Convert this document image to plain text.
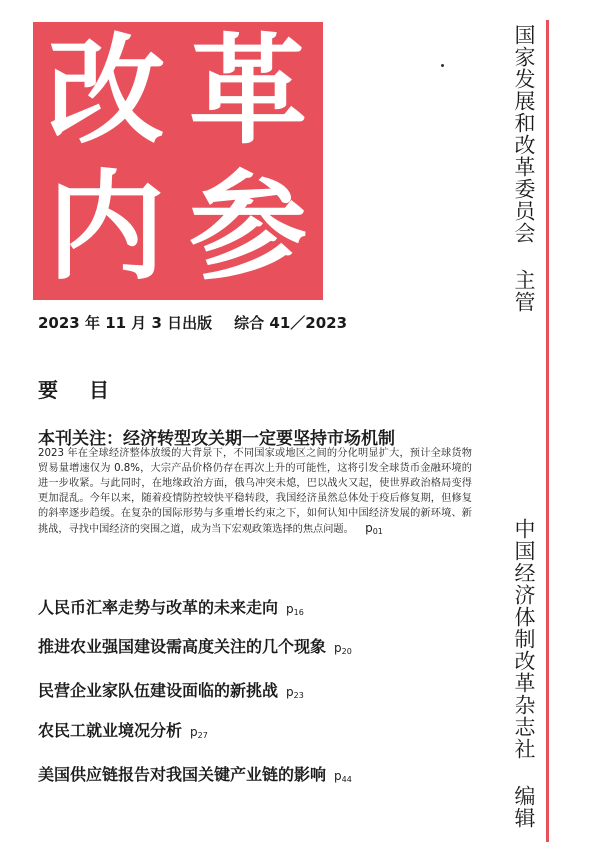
改 革
内 参	国家发展和改革委员会 主管
中国经济体制改革杂志社 编辑
2023 年 11 月 3 日出版 综合 41／2023
要 目
本刊关注：经济转型攻关期一定要坚持市场机制
2023 年在全球经济整体放缓的大背景下，不同国家或地区之间的分化明显扩大，预计全球货物贸易量增速仅为 0.8%，大宗产品价格仍存在再次上升的可能性，这将引发全球货币金融环境的进一步收紧。与此同时，在地缘政治方面，俄乌冲突未熄，巴以战火又起，使世界政治格局变得更加混乱。今年以来，随着疫情防控较快平稳转段，我国经济虽然总体处于疫后修复期，但修复的斜率逐步趋缓。在复杂的国际形势与多重增长约束之下，如何认知中国经济发展的新环境、新挑战，寻找中国经济的突围之道，成为当下宏观政策选择的焦点问题。 $p_{01}$
人民币汇率走势与改革的未来走向 $p_{16}$
推进农业强国建设需高度关注的几个现象 $p_{20}$
民营企业家队伍建设面临的新挑战 $p_{23}$
农民工就业境况分析 $p_{27}$
美国供应链报告对我国关键产业链的影响 $p_{44}$
